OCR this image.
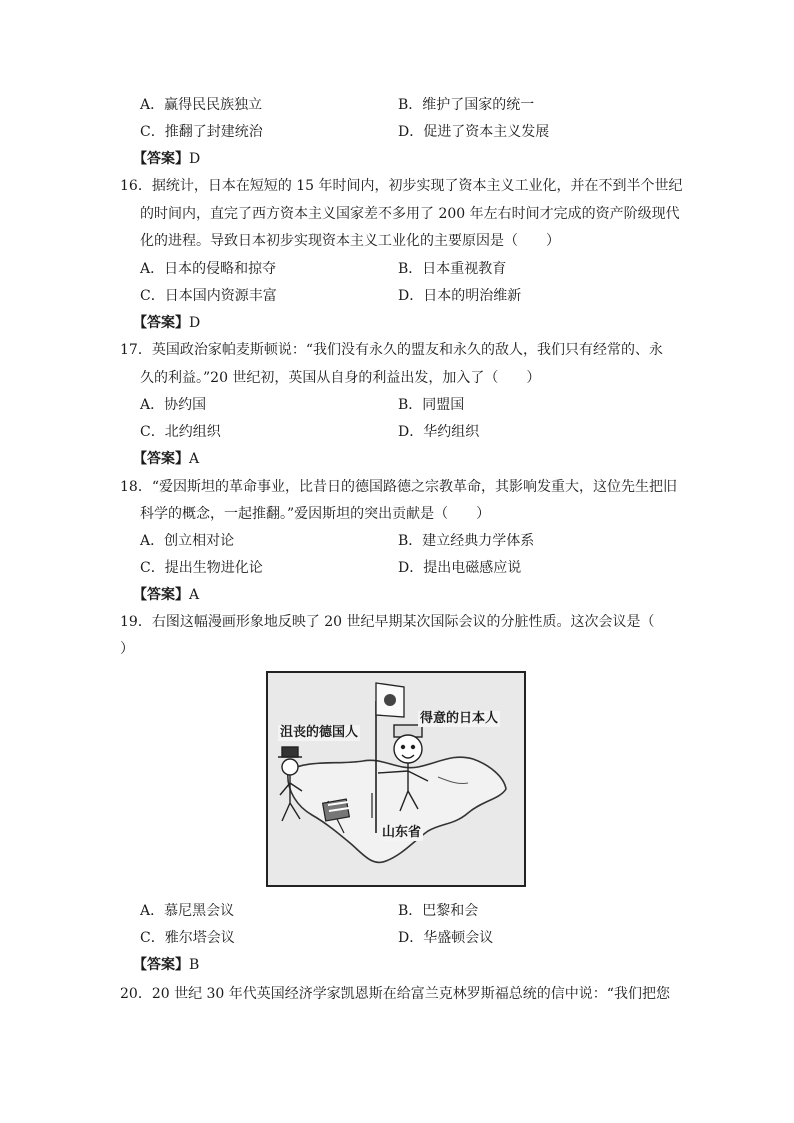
A．赢得民民族独立	B．维护了国家的统一
C．推翻了封建统治	D．促进了资本主义发展
【答案】D
16．据统计，日本在短短的 15 年时间内，初步实现了资本主义工业化，并在不到半个世纪
的时间内，直完了西方资本主义国家差不多用了 200 年左右时间才完成的资产阶级现代
化的进程。导致日本初步实现资本主义工业化的主要原因是（　　）
A．日本的侵略和掠夺	B．日本重视教育
C．日本国内资源丰富	D．日本的明治维新
【答案】D
17．英国政治家帕麦斯顿说：“我们没有永久的盟友和永久的敌人，我们只有经常的、永
久的利益。”20 世纪初，英国从自身的利益出发，加入了（　　）
A．协约国	B．同盟国
C．北约组织	D．华约组织
【答案】A
18．“爱因斯坦的革命事业，比昔日的德国路德之宗教革命，其影响发重大，这位先生把旧
科学的概念，一起推翻。”爱因斯坦的突出贡献是（　　）
A．创立相对论	B．建立经典力学体系
C．提出生物进化论	D．提出电磁感应说
【答案】A
19．右图这幅漫画形象地反映了 20 世纪早期某次国际会议的分脏性质。这次会议是（
）
沮丧的德国人
得意的日本人
山东省
A．慕尼黑会议	B．巴黎和会
C．雅尔塔会议	D．华盛顿会议
【答案】B
20．20 世纪 30 年代英国经济学家凯恩斯在给富兰克林罗斯福总统的信中说：“我们把您
